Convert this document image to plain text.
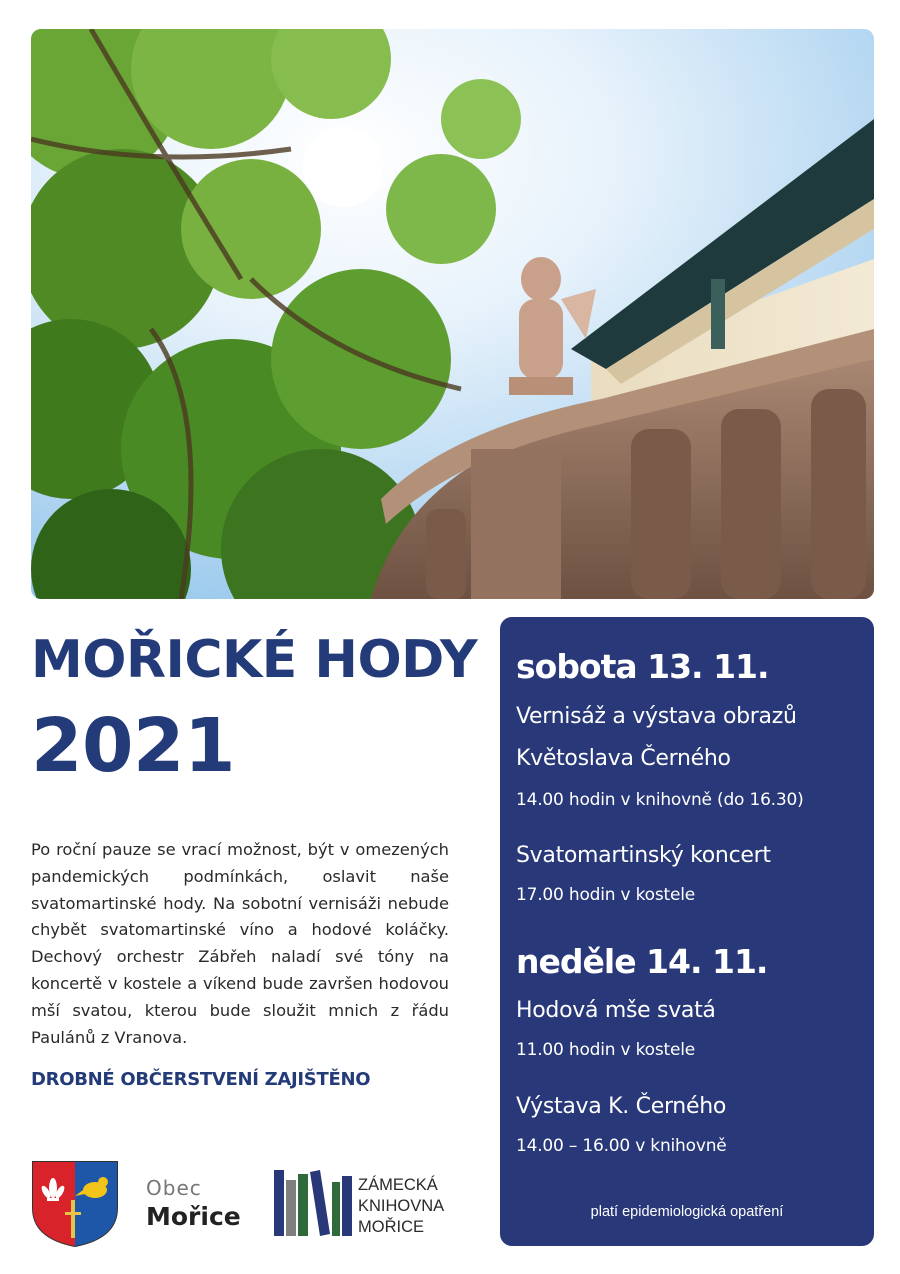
MOŘICKÉ HODY
2021

Po roční pauze se vrací možnost, být v omezených pandemických podmínkách, oslavit naše svatomartinské hody. Na sobotní vernisáži nebude chybět svatomartinské víno a hodové koláčky. Dechový orchestr Zábřeh naladí své tóny na koncertě v kostele a víkend bude završen hodovou mší svatou, kterou bude sloužit mnich z řádu Paulánů z Vranova.

DROBNÉ OBČERSTVENÍ ZAJIŠTĚNO
Obec
Mořice
ZÁMECKÁ
KNIHOVNA
MOŘICE
sobota 13. 11.
Vernisáž a výstava obrazů
Květoslava Černého
14.00 hodin v knihovně (do 16.30)
Svatomartinský koncert
17.00 hodin v kostele
neděle 14. 11.
Hodová mše svatá
11.00 hodin v kostele
Výstava K. Černého
14.00 – 16.00 v knihovně
platí epidemiologická opatření
